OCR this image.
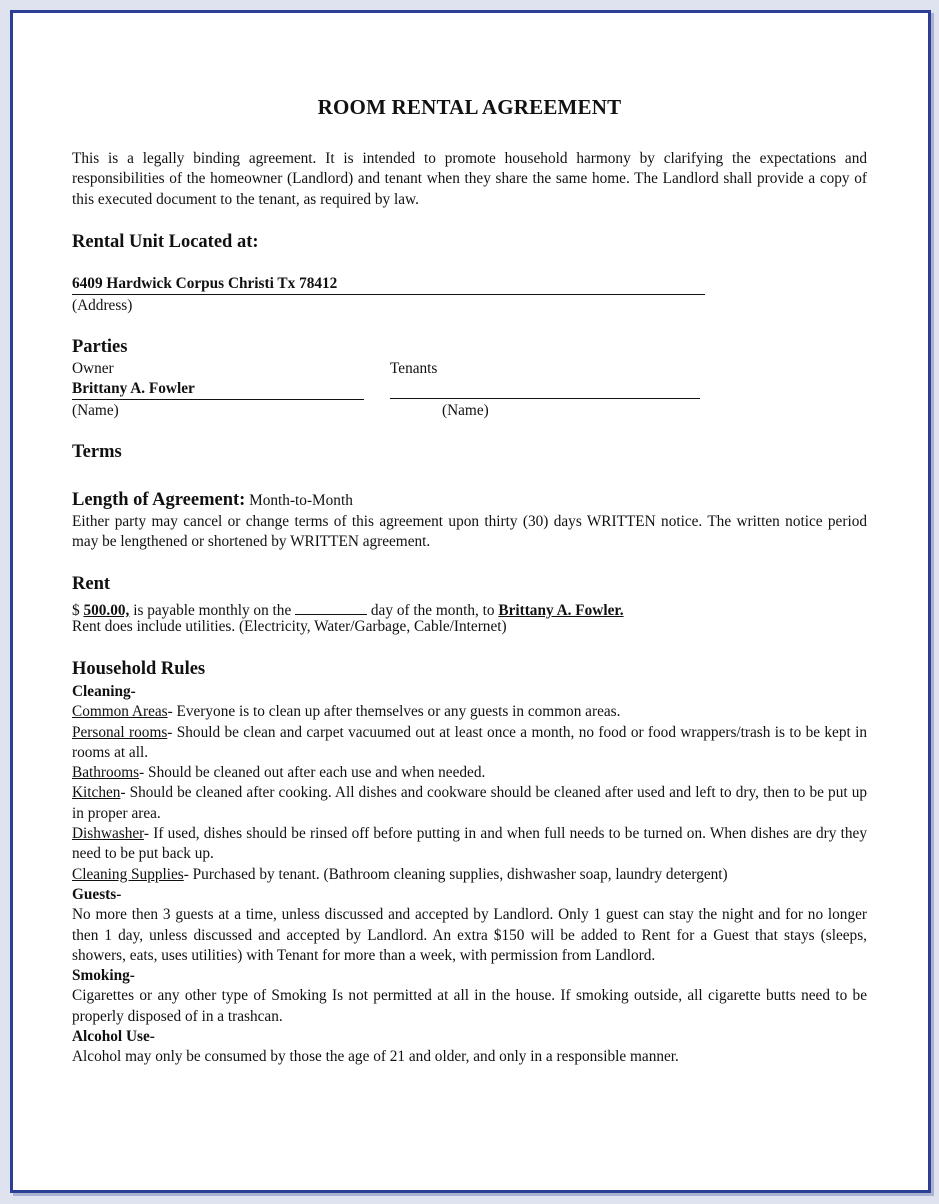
ROOM RENTAL AGREEMENT
This is a legally binding agreement. It is intended to promote household harmony by clarifying the expectations and responsibilities of the homeowner (Landlord) and tenant when they share the same home. The Landlord shall provide a copy of this executed document to the tenant, as required by law.
Rental Unit Located at:
6409 Hardwick Corpus Christi Tx 78412
(Address)
Parties
Owner	Tenants
Brittany A. Fowler
(Name)	(Name)
Terms
Length of Agreement: Month-to-Month
Either party may cancel or change terms of this agreement upon thirty (30) days WRITTEN notice. The written notice period may be lengthened or shortened by WRITTEN agreement.
Rent
$ 500.00, is payable monthly on the	day of the month, to Brittany A. Fowler.
Rent does include utilities. (Electricity, Water/Garbage, Cable/Internet)
Household Rules
Cleaning-
Common Areas- Everyone is to clean up after themselves or any guests in common areas.
Personal rooms- Should be clean and carpet vacuumed out at least once a month, no food or food wrappers/trash is to be kept in rooms at all.
Bathrooms- Should be cleaned out after each use and when needed.
Kitchen- Should be cleaned after cooking. All dishes and cookware should be cleaned after used and left to dry, then to be put up in proper area.
Dishwasher- If used, dishes should be rinsed off before putting in and when full needs to be turned on. When dishes are dry they need to be put back up.
Cleaning Supplies- Purchased by tenant. (Bathroom cleaning supplies, dishwasher soap, laundry detergent)
Guests-
No more then 3 guests at a time, unless discussed and accepted by Landlord. Only 1 guest can stay the night and for no longer then 1 day, unless discussed and accepted by Landlord. An extra $150 will be added to Rent for a Guest that stays (sleeps, showers, eats, uses utilities) with Tenant for more than a week, with permission from Landlord.
Smoking-
Cigarettes or any other type of Smoking Is not permitted at all in the house. If smoking outside, all cigarette butts need to be properly disposed of in a trashcan.
Alcohol Use-
Alcohol may only be consumed by those the age of 21 and older, and only in a responsible manner.
